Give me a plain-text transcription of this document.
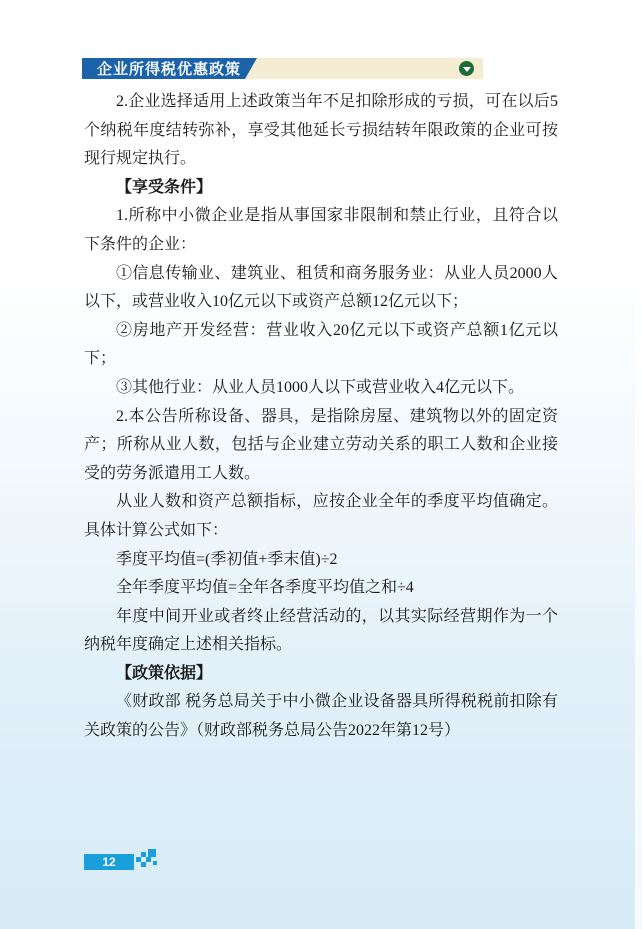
企业所得税优惠政策

2.企业选择适用上述政策当年不足扣除形成的亏损，可在以后5个纳税年度结转弥补，享受其他延长亏损结转年限政策的企业可按现行规定执行。

【享受条件】

1.所称中小微企业是指从事国家非限制和禁止行业，且符合以下条件的企业：

①信息传输业、建筑业、租赁和商务服务业：从业人员2000人以下，或营业收入10亿元以下或资产总额12亿元以下；

②房地产开发经营：营业收入20亿元以下或资产总额1亿元以下；

③其他行业：从业人员1000人以下或营业收入4亿元以下。

2.本公告所称设备、器具，是指除房屋、建筑物以外的固定资产；所称从业人数，包括与企业建立劳动关系的职工人数和企业接受的劳务派遣用工人数。

从业人数和资产总额指标，应按企业全年的季度平均值确定。具体计算公式如下：

季度平均值=(季初值+季末值)÷2

全年季度平均值=全年各季度平均值之和÷4

年度中间开业或者终止经营活动的，以其实际经营期作为一个纳税年度确定上述相关指标。

【政策依据】

《财政部 税务总局关于中小微企业设备器具所得税税前扣除有关政策的公告》（财政部税务总局公告2022年第12号）

12
